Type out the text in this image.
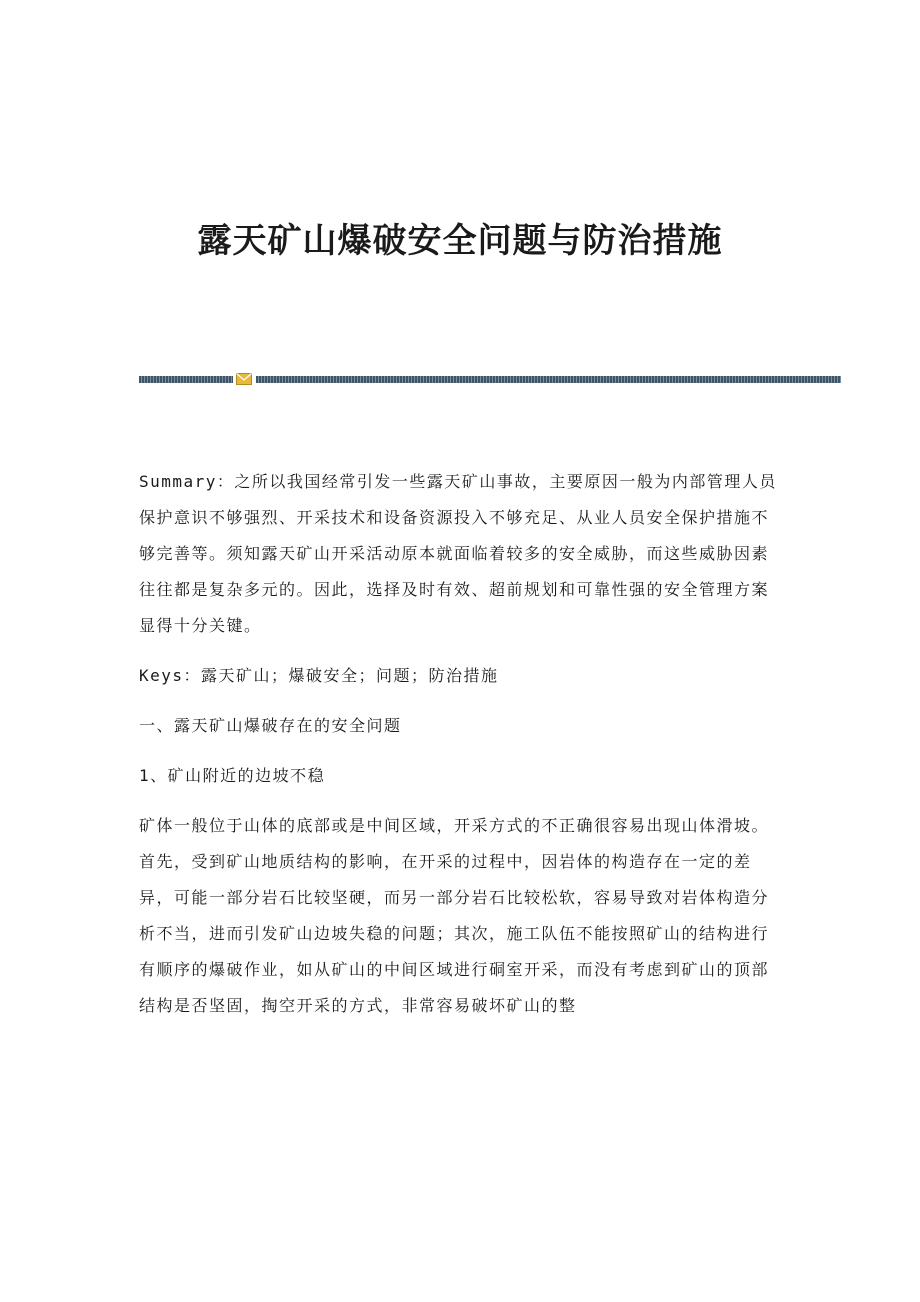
露天矿山爆破安全问题与防治措施

Summary：之所以我国经常引发一些露天矿山事故，主要原因一般为内部管理人员保护意识不够强烈、开采技术和设备资源投入不够充足、从业人员安全保护措施不够完善等。须知露天矿山开采活动原本就面临着较多的安全威胁，而这些威胁因素往往都是复杂多元的。因此，选择及时有效、超前规划和可靠性强的安全管理方案显得十分关键。

Keys：露天矿山；爆破安全；问题；防治措施

一、露天矿山爆破存在的安全问题

1、矿山附近的边坡不稳

矿体一般位于山体的底部或是中间区域，开采方式的不正确很容易出现山体滑坡。首先，受到矿山地质结构的影响，在开采的过程中，因岩体的构造存在一定的差异，可能一部分岩石比较坚硬，而另一部分岩石比较松软，容易导致对岩体构造分析不当，进而引发矿山边坡失稳的问题；其次，施工队伍不能按照矿山的结构进行有顺序的爆破作业，如从矿山的中间区域进行硐室开采，而没有考虑到矿山的顶部结构是否坚固，掏空开采的方式，非常容易破坏矿山的整
